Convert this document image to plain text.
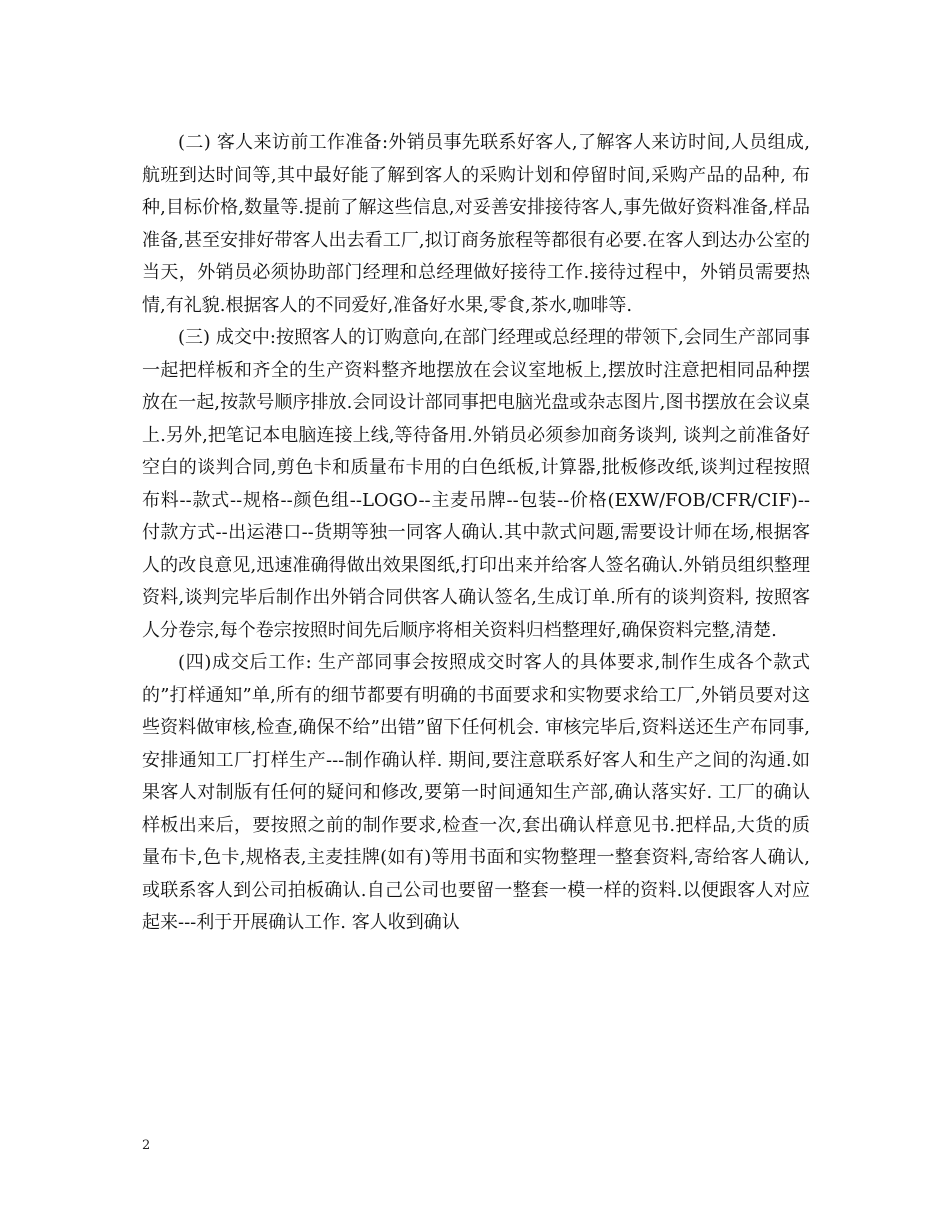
(二) 客人来访前工作准备:外销员事先联系好客人,了解客人来访时间,人员组成,航班到达时间等,其中最好能了解到客人的采购计划和停留时间,采购产品的品种, 布种,目标价格,数量等.提前了解这些信息,对妥善安排接待客人,事先做好资料准备,样品准备,甚至安排好带客人出去看工厂,拟订商务旅程等都很有必要.在客人到达办公室的当天，外销员必须协助部门经理和总经理做好接待工作.接待过程中，外销员需要热情,有礼貌.根据客人的不同爱好,准备好水果,零食,茶水,咖啡等.

(三) 成交中:按照客人的订购意向,在部门经理或总经理的带领下,会同生产部同事一起把样板和齐全的生产资料整齐地摆放在会议室地板上,摆放时注意把相同品种摆放在一起,按款号顺序排放.会同设计部同事把电脑光盘或杂志图片,图书摆放在会议桌上.另外,把笔记本电脑连接上线,等待备用.外销员必须参加商务谈判, 谈判之前准备好空白的谈判合同,剪色卡和质量布卡用的白色纸板,计算器,批板修改纸,谈判过程按照布料--款式--规格--颜色组--LOGO--主麦吊牌--包装--价格(EXW/FOB/CFR/CIF)--付款方式--出运港口--货期等独一同客人确认.其中款式问题,需要设计师在场,根据客人的改良意见,迅速准确得做出效果图纸,打印出来并给客人签名确认.外销员组织整理资料,谈判完毕后制作出外销合同供客人确认签名,生成订单.所有的谈判资料, 按照客人分卷宗,每个卷宗按照时间先后顺序将相关资料归档整理好,确保资料完整,清楚.

(四)成交后工作: 生产部同事会按照成交时客人的具体要求,制作生成各个款式的”打样通知”单,所有的细节都要有明确的书面要求和实物要求给工厂,外销员要对这些资料做审核,检查,确保不给”出错”留下任何机会. 审核完毕后,资料送还生产布同事,安排通知工厂打样生产---制作确认样. 期间,要注意联系好客人和生产之间的沟通.如果客人对制版有任何的疑问和修改,要第一时间通知生产部,确认落实好. 工厂的确认样板出来后，要按照之前的制作要求,检查一次,套出确认样意见书.把样品,大货的质量布卡,色卡,规格表,主麦挂牌(如有)等用书面和实物整理一整套资料,寄给客人确认,或联系客人到公司拍板确认.自己公司也要留一整套一模一样的资料.以便跟客人对应起来---利于开展确认工作. 客人收到确认

2
